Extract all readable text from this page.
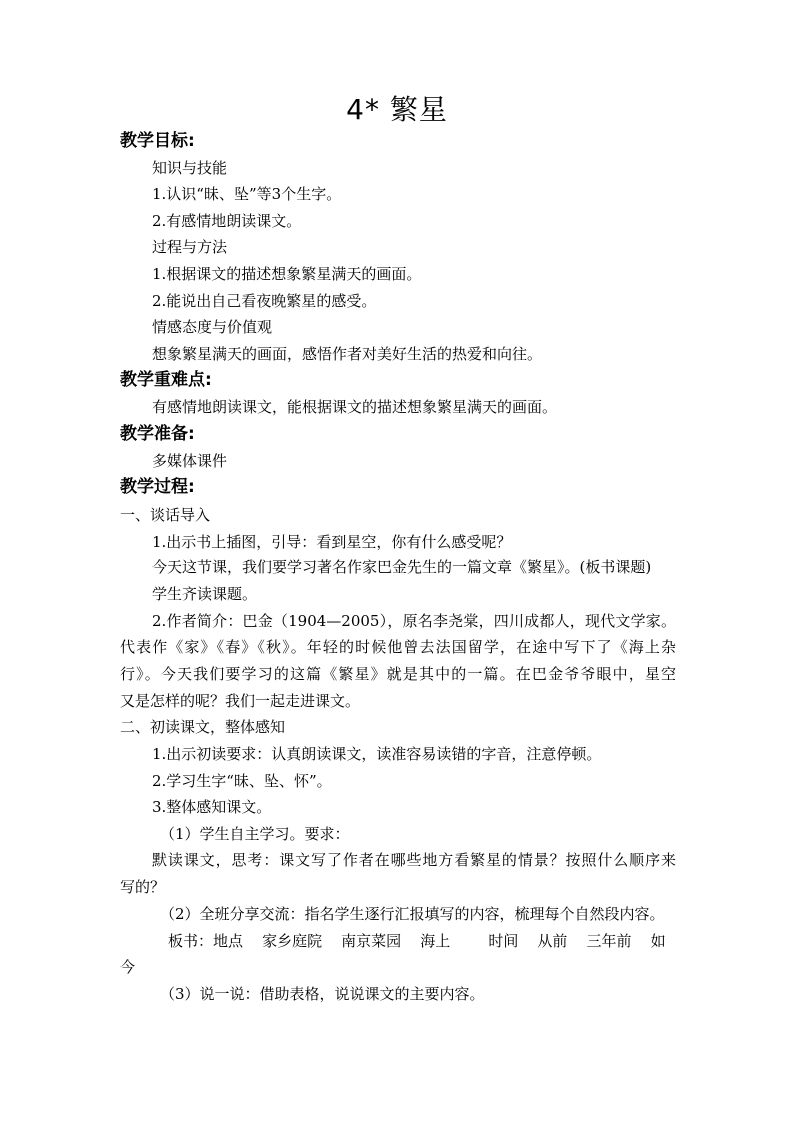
4* 繁星
教学目标:
知识与技能
1.认识“昧、坠”等3个生字。
2.有感情地朗读课文。
过程与方法
1.根据课文的描述想象繁星满天的画面。
2.能说出自己看夜晚繁星的感受。
情感态度与价值观
想象繁星满天的画面，感悟作者对美好生活的热爱和向往。
教学重难点:
有感情地朗读课文，能根据课文的描述想象繁星满天的画面。
教学准备:
多媒体课件
教学过程:
一、谈话导入
1.出示书上插图，引导：看到星空，你有什么感受呢？
今天这节课，我们要学习著名作家巴金先生的一篇文章《繁星》。(板书课题)
学生齐读课题。
2.作者简介：巴金（1904—2005），原名李尧棠，四川成都人，现代文学家。
代表作《家》《春》《秋》。年轻的时候他曾去法国留学，在途中写下了《海上杂
行》。今天我们要学习的这篇《繁星》就是其中的一篇。在巴金爷爷眼中，星空
又是怎样的呢？我们一起走进课文。
二、初读课文，整体感知
1.出示初读要求：认真朗读课文，读准容易读错的字音，注意停顿。
2.学习生字“昧、坠、怀”。
3.整体感知课文。
（1）学生自主学习。要求：
默读课文，思考：课文写了作者在哪些地方看繁星的情景？按照什么顺序来
写的？
（2）全班分享交流：指名学生逐行汇报填写的内容，梳理每个自然段内容。
板书：地点    家乡庭院    南京菜园    海上        时间    从前    三年前    如
今
（3）说一说：借助表格，说说课文的主要内容。
